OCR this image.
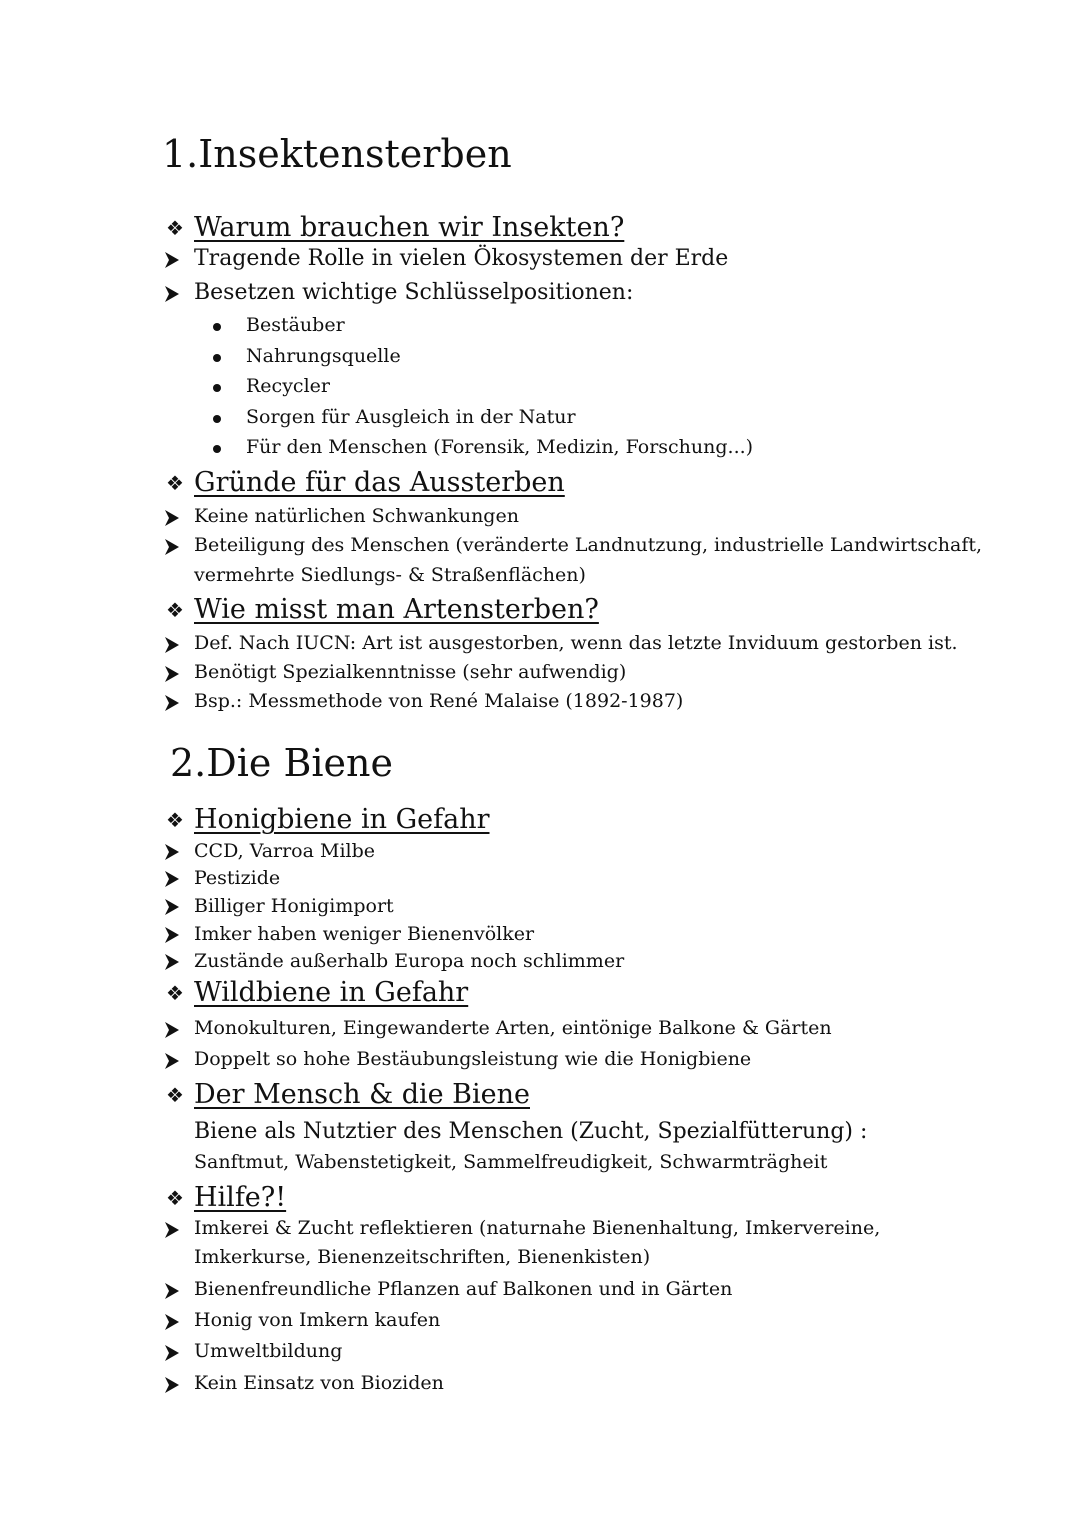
1.Insektensterben
❖ Warum brauchen wir Insekten?
Tragende Rolle in vielen Ökosystemen der Erde
Besetzen wichtige Schlüsselpositionen:
Bestäuber
Nahrungsquelle
Recycler
Sorgen für Ausgleich in der Natur
Für den Menschen (Forensik, Medizin, Forschung...)
❖ Gründe für das Aussterben
Keine natürlichen Schwankungen
Beteiligung des Menschen (veränderte Landnutzung, industrielle Landwirtschaft,
vermehrte Siedlungs- & Straßenflächen)
❖ Wie misst man Artensterben?
Def. Nach IUCN: Art ist ausgestorben, wenn das letzte Inviduum gestorben ist.
Benötigt Spezialkenntnisse (sehr aufwendig)
Bsp.: Messmethode von René Malaise (1892-1987)
2.Die Biene
❖ Honigbiene in Gefahr
CCD, Varroa Milbe
Pestizide
Billiger Honigimport
Imker haben weniger Bienenvölker
Zustände außerhalb Europa noch schlimmer
❖ Wildbiene in Gefahr
Monokulturen, Eingewanderte Arten, eintönige Balkone & Gärten
Doppelt so hohe Bestäubungsleistung wie die Honigbiene
❖ Der Mensch & die Biene
Biene als Nutztier des Menschen (Zucht, Spezialfütterung) :
Sanftmut, Wabenstetigkeit, Sammelfreudigkeit, Schwarmträgheit
❖ Hilfe?!
Imkerei & Zucht reflektieren (naturnahe Bienenhaltung, Imkervereine,
Imkerkurse, Bienenzeitschriften, Bienenkisten)
Bienenfreundliche Pflanzen auf Balkonen und in Gärten
Honig von Imkern kaufen
Umweltbildung
Kein Einsatz von Bioziden
